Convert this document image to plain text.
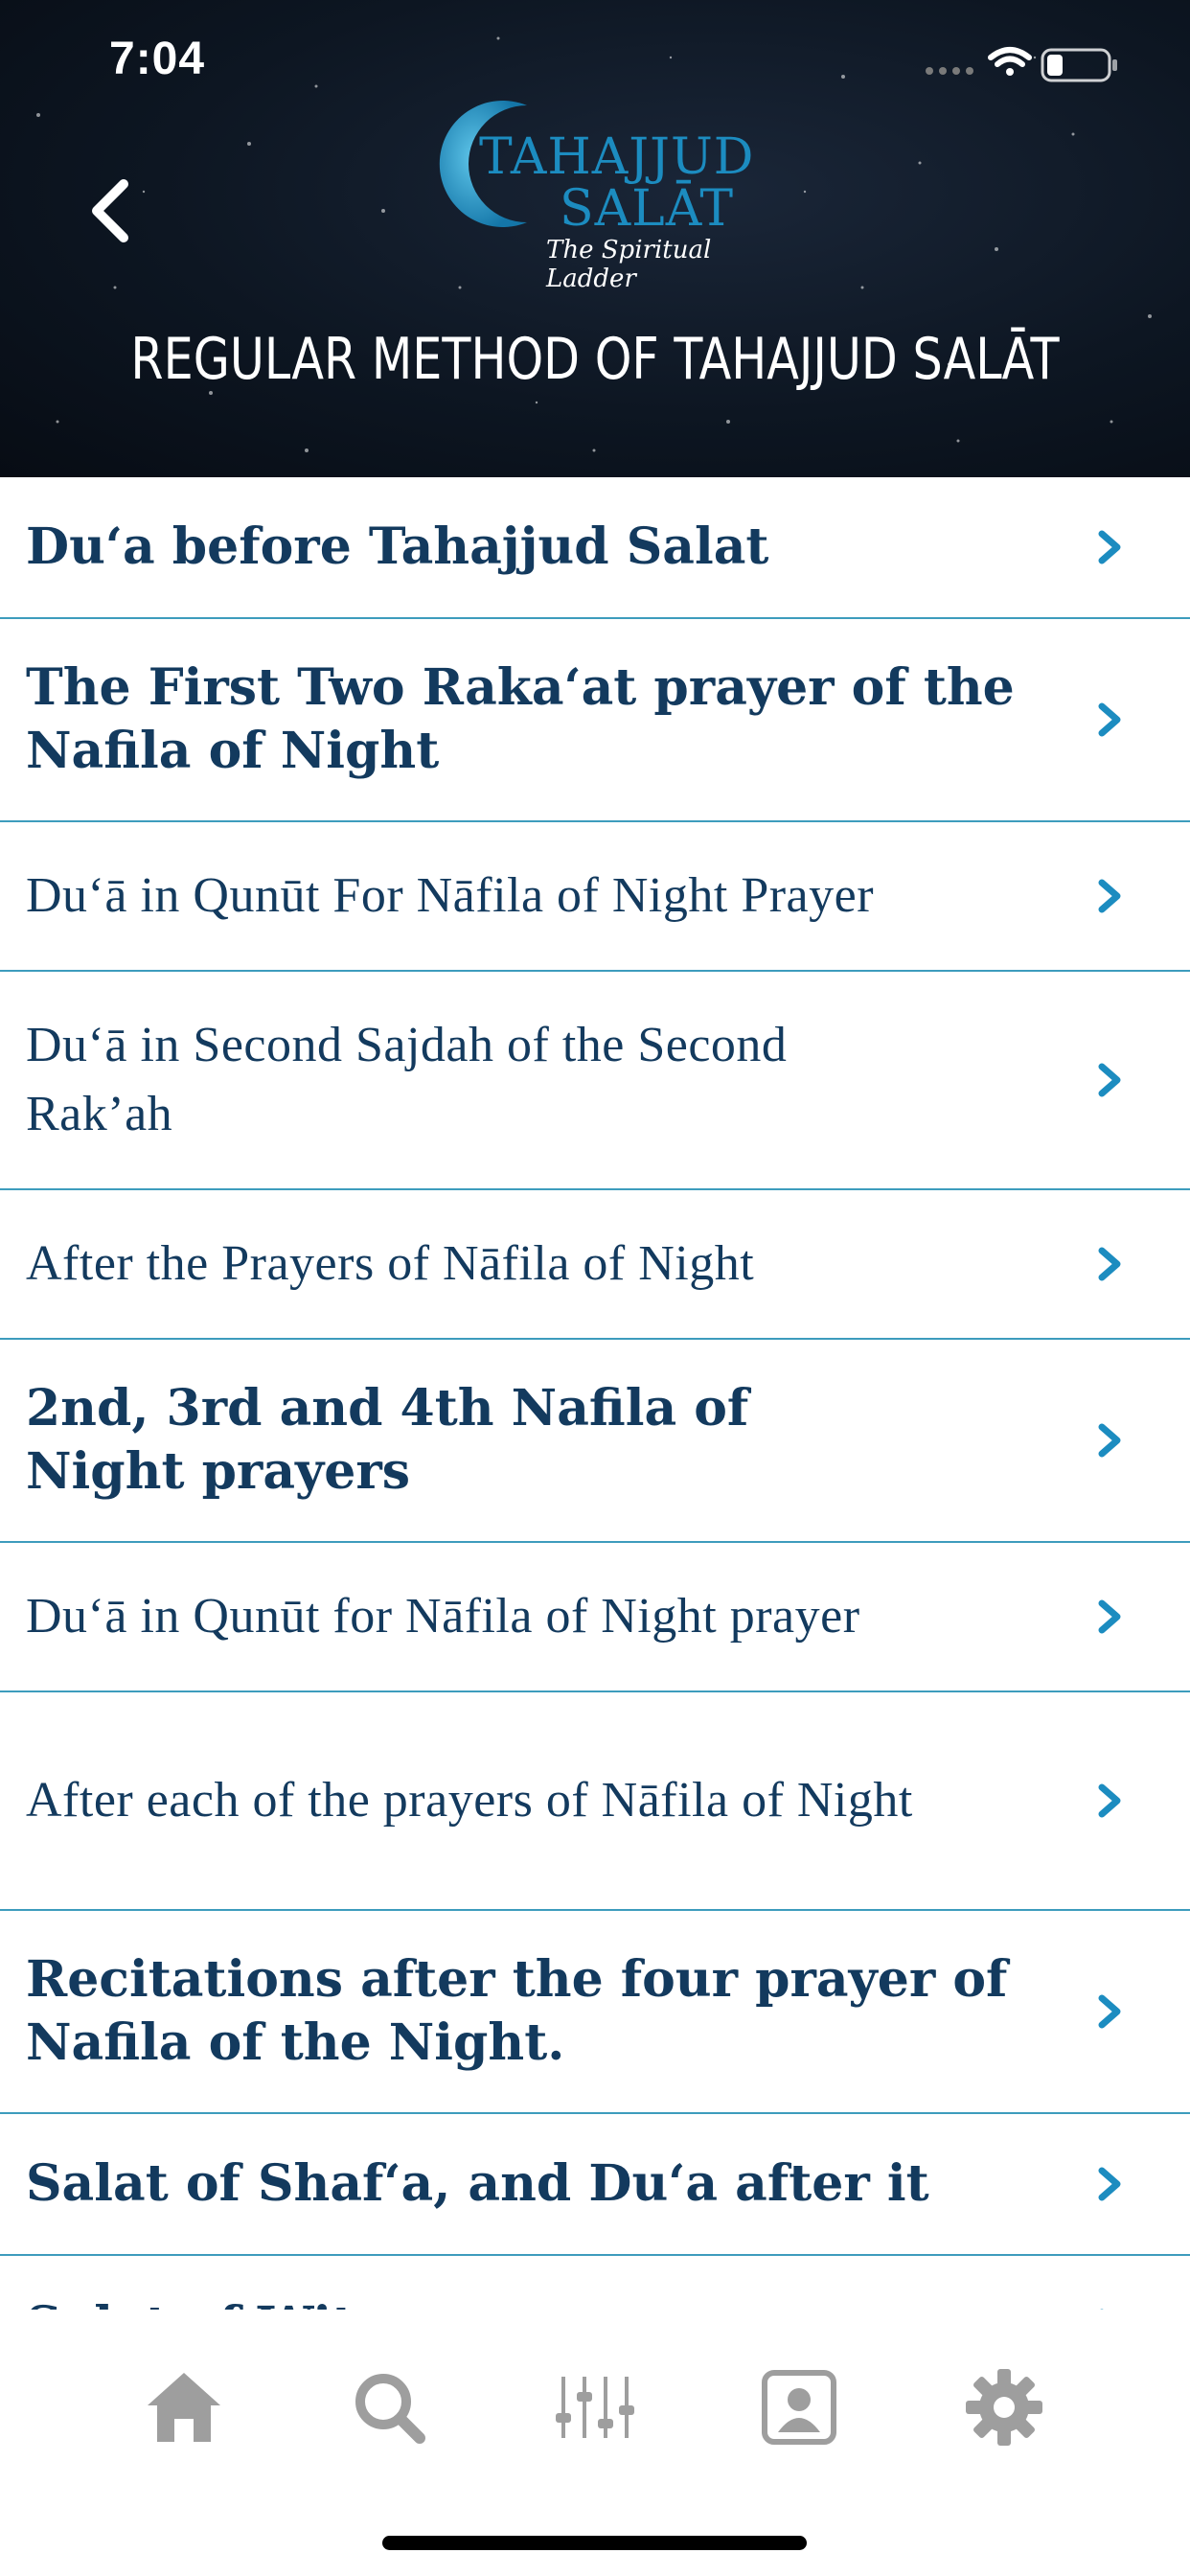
7:04
TAHAJJUD
SALĀT
The Spiritual Ladder
REGULAR METHOD OF TAHAJJUD SALĀT
Du‘a before Tahajjud Salat
The First Two Raka‘at prayer of the Nafila of Night
Du‘ā in Qunūt For Nāfila of Night Prayer
Du‘ā in Second Sajdah of the Second Rak’ah
After the Prayers of Nāfila of Night
2nd, 3rd and 4th Nafila of Night prayers
Du‘ā in Qunūt for Nāfila of Night prayer
After each of the prayers of Nāfila of Night
Recitations after the four prayer of Nafila of the Night.
Salat of Shaf‘a, and Du‘a after it
